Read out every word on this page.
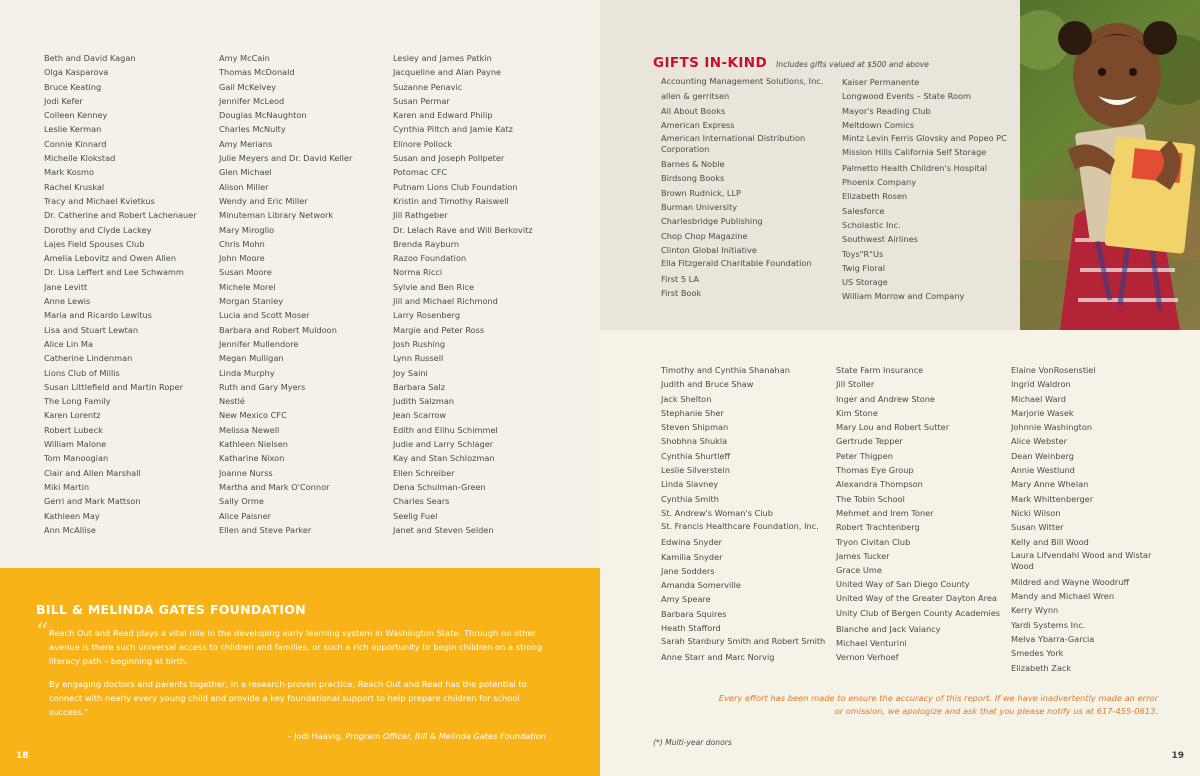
Beth and David Kagan
Olga Kasparova
Bruce Keating
Jodi Kefer
Colleen Kenney
Leslie Kerman
Connie Kinnard
Michelle Klokstad
Mark Kosmo
Rachel Kruskal
Tracy and Michael Kvietkus
Dr. Catherine and Robert Lachenauer
Dorothy and Clyde Lackey
Lajes Field Spouses Club
Amelia Lebovitz and Owen Allen
Dr. Lisa Leffert and Lee Schwamm
Jane Levitt
Anne Lewis
Maria and Ricardo Lewitus
Lisa and Stuart Lewtan
Alice Lin Ma
Catherine Lindenman
Lions Club of Millis
Susan Littlefield and Martin Roper
The Long Family
Karen Lorentz
Robert Lubeck
William Malone
Tom Manoogian
Clair and Allen Marshall
Miki Martin
Gerri and Mark Mattson
Kathleen May
Ann McAllise
Amy McCain
Thomas McDonald
Gail McKelvey
Jennifer McLeod
Douglas McNaughton
Charles McNulty
Amy Merians
Julie Meyers and Dr. David Keller
Glen Michael
Alison Miller
Wendy and Eric Miller
Minuteman Library Network
Mary Miroglio
Chris Mohn
John Moore
Susan Moore
Michele Morel
Morgan Stanley
Lucia and Scott Moser
Barbara and Robert Muldoon
Jennifer Mullendore
Megan Mulligan
Linda Murphy
Ruth and Gary Myers
Nestlé
New Mexico CFC
Melissa Newell
Kathleen Nielsen
Katharine Nixon
Joanne Nurss
Martha and Mark O'Connor
Sally Orme
Alice Paisner
Ellen and Steve Parker
Lesley and James Patkin
Jacqueline and Alan Payne
Suzanne Penavic
Susan Permar
Karen and Edward Philip
Cynthia Piltch and Jamie Katz
Elinore Pollock
Susan and Joseph Pollpeter
Potomac CFC
Putnam Lions Club Foundation
Kristin and Timothy Raiswell
Jill Rathgeber
Dr. Lelach Rave and Will Berkovitz
Brenda Rayburn
Razoo Foundation
Norma Ricci
Sylvie and Ben Rice
Jill and Michael Richmond
Larry Rosenberg
Margie and Peter Ross
Josh Rushing
Lynn Russell
Joy Saini
Barbara Salz
Judith Salzman
Jean Scarrow
Edith and Elihu Schimmel
Judie and Larry Schlager
Kay and Stan Schlozman
Ellen Schreiber
Dena Schulman-Green
Charles Sears
Seelig Fuel
Janet and Steven Selden
BILL & MELINDA GATES FOUNDATION
“ Reach Out and Read plays a vital role in the developing early learning system in Washington State. Through no other avenue is there such universal access to children and families, or such a rich opportunity to begin children on a strong literacy path – beginning at birth.

By engaging doctors and parents together, in a research-proven practice, Reach Out and Read has the potential to connect with nearly every young child and provide a key foundational support to help prepare children for school success.”

– Jodi Haavig, Program Officer, Bill & Melinda Gates Foundation
18
GIFTS IN-KIND Includes gifts valued at $500 and above
Accounting Management Solutions, Inc.
allen & gerritsen
All About Books
American Express
American International Distribution Corporation
Barnes & Noble
Birdsong Books
Brown Rudnick, LLP
Burman University
Charlesbridge Publishing
Chop Chop Magazine
Clinton Global Initiative
Ella Fitzgerald Charitable Foundation
First 5 LA
First Book
Kaiser Permanente
Longwood Events – State Room
Mayor's Reading Club
Meltdown Comics
Mintz Levin Ferris Glovsky and Popeo PC
Mission Hills California Self Storage
Palmetto Health Children's Hospital
Phoenix Company
Elizabeth Rosen
Salesforce
Scholastic Inc.
Southwest Airlines
Toys"R"Us
Twig Floral
US Storage
William Morrow and Company
Timothy and Cynthia Shanahan
Judith and Bruce Shaw
Jack Shelton
Stephanie Sher
Steven Shipman
Shobhna Shukla
Cynthia Shurtleff
Leslie Silverstein
Linda Slavney
Cynthia Smith
St. Andrew's Woman's Club
St. Francis Healthcare Foundation, Inc.
Edwina Snyder
Kamilia Snyder
Jane Sodders
Amanda Somerville
Amy Speare
Barbara Squires
Heath Stafford
Sarah Stanbury Smith and Robert Smith
Anne Starr and Marc Norvig
State Farm Insurance
Jill Stoller
Inger and Andrew Stone
Kim Stone
Mary Lou and Robert Sutter
Gertrude Tepper
Peter Thigpen
Thomas Eye Group
Alexandra Thompson
The Tobin School
Mehmet and Irem Toner
Robert Trachtenberg
Tryon Civitan Club
James Tucker
Grace Ume
United Way of San Diego County
United Way of the Greater Dayton Area
Unity Club of Bergen County Academies
Blanche and Jack Valancy
Michael Venturini
Vernon Verhoef
Elaine VonRosenstiel
Ingrid Waldron
Michael Ward
Marjorie Wasek
Johnnie Washington
Alice Webster
Dean Weinberg
Annie Westlund
Mary Anne Whelan
Mark Whittenberger
Nicki Wilson
Susan Witter
Kelly and Bill Wood
Laura Lifvendahl Wood and Wistar Wood
Mildred and Wayne Woodruff
Mandy and Michael Wren
Kerry Wynn
Yardi Systems Inc.
Melva Ybarra-Garcia
Smedes York
Elizabeth Zack

Every effort has been made to ensure the accuracy of this report. If we have inadvertently made an error or omission, we apologize and ask that you please notify us at 617-455-0613.

(*) Multi-year donors
19
